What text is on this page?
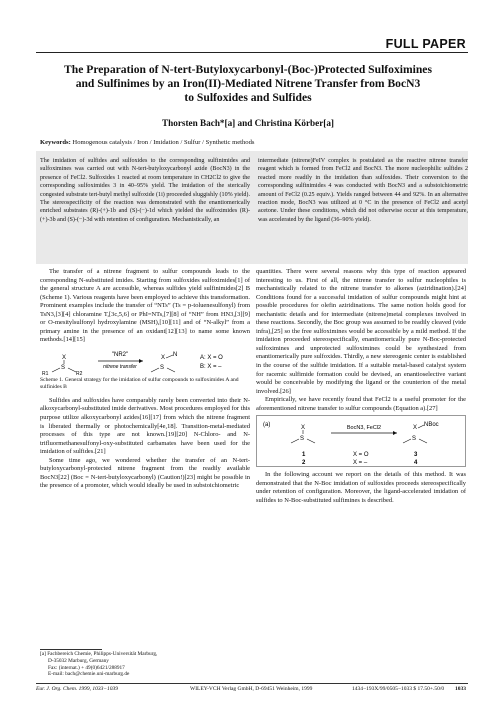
FULL PAPER
The Preparation of N-tert-Butyloxycarbonyl-(Boc-)Protected Sulfoximines
and Sulfinimes by an Iron(II)-Mediated Nitrene Transfer from BocN3
to Sulfoxides and Sulfides
Thorsten Bach*[a] and Christina Körber[a]
Keywords: Homogenous catalysis / Iron / Imidation / Sulfur / Synthetic methods
The imidation of sulfides and sulfoxides to the corresponding sulfinimides and sulfoximines was carried out with N-tert-butyloxycarbonyl azide (BocN3) in the presence of FeCl2. Sulfoxides 1 reacted at room temperature in CH2Cl2 to give the corresponding sulfoximides 3 in 40–95% yield. The imidation of the sterically congested substrate tert-butyl methyl sulfoxide (1i) proceeded sluggishly (10% yield). The stereospecificity of the reaction was demonstrated with the enantiomerically enriched substrates (R)-(+)-1b and (S)-(−)-1d which yielded the sulfoximides (R)-(+)-3b and (S)-(−)-3d with retention of configuration. Mechanistically, an
intermediate (nitrene)FeIV complex is postulated as the reactive nitrene transfer reagent which is formed from FeCl2 and BocN3. The more nucleophilic sulfides 2 reacted more readily in the imidation than sulfoxides. Their conversion to the corresponding sulfinimides 4 was conducted with BocN3 and a substoichiometric amount of FeCl2 (0.25 equiv.). Yields ranged between 44 and 92%. In an alternative reaction mode, BocN3 was utilized at 0 °C in the presence of FeCl2 and acetyl acetone. Under these conditions, which did not otherwise occur at this temperature, was accelerated by the ligand (36–90% yield).

The transfer of a nitrene fragment to sulfur compounds leads to the corresponding N-substituted imides. Starting from sulfoxides sulfoximides[1] of the general structure A are accessible, whereas sulfides yield sulfinimides[2] B (Scheme 1). Various reagents have been employed to achieve this transformation. Prominent examples include the transfer of “NTs” (Ts = p-toluenesulfonyl) from TsN3,[3][4] chloramine T,[3c,5,6] or PhI=NTs,[7][8] of “NH” from HN3,[3][9] or O-mesitylsulfonyl hydroxylamine (MSH),[10][11] and of “N-alkyl” from a primary amine in the presence of an oxidant[12][13] to name some known methods.[14][15]

X
S
R1	R2
"NR2"
nitrene transfer
X N
S
A: X = O
B: X = –

Scheme 1. General strategy for the imidation of sulfur compounds to sulfoximides A and sulfinides B

Sulfides and sulfoxides have comparably rarely been converted into their N-alkoxycarbonyl-substituted imide derivatives. Most procedures employed for this purpose utilize alkoxycarbonyl azides[16][17] from which the nitrene fragment is liberated thermally or photochemically[4e,18]. Transition-metal-mediated processes of this type are not known.[19][20] N-Chloro- and N-trifluormethanesulfonyl-oxy-substituted carbamates have been used for the imidation of sulfides.[21]

Some time ago, we wondered whether the transfer of an N-tert-butyloxycarbonyl-protected nitrene fragment from the readily available BocN3[22] (Boc = N-tert-butyloxycarbonyl) (Caution!)[23] might be possible in the presence of a promoter, which would ideally be used in substoichiometric

quantities. There were several reasons why this type of reaction appeared interesting to us. First of all, the nitrene transfer to sulfur nucleophiles is mechanistically related to the nitrene transfer to alkenes (aziridination).[24] Conditions found for a successful imidation of sulfur compounds might hint at possible procedures for olefin aziridinations. The same notion holds good for mechanistic details and for intermediate (nitrene)metal complexes involved in these reactions. Secondly, the Boc group was assumed to be readily cleaved (vide infra),[25] so the free sulfoximines would be accessible by a mild method. If the imidation proceeded stereospecifically, enantiomerically pure N-Boc-protected sulfoximines and unprotected sulfoximines could be synthesized from enantiomerically pure sulfoxides. Thirdly, a new stereogenic center is established in the course of the sulfide imidation. If a suitable metal-based catalyst system for racemic sulfimide formation could be devised, an enantioselective variant would be conceivable by modifying the ligand or the counterion of the metal involved.[26]

Empirically, we have recently found that FeCl2 is a useful promoter for the aforementioned nitrene transfer to sulfur compounds (Equation a).[27]

(a)	X
S
BocN3, FeCl2	X NBoc
S
1
2
X = O
X = –
3
4

In the following account we report on the details of this method. It was demonstrated that the N-Boc imidation of sulfoxides proceeds stereospecifically under retention of configuration. Moreover, the ligand-accelerated imidation of sulfides to N-Boc-substituted sulfimines is described.

[a] Fachbereich Chemie, Philipps-Universität Marburg,
D-35032 Marburg, Germany
Fax: (internat.) + 49(0)6421/288917
E-mail: bach@chemie.uni-marburg.de
Eur. J. Org. Chem. 1999, 1033−1039	WILEY-VCH Verlag GmbH, D-69451 Weinheim, 1999	1434−193X/99/0505−1033 $ 17.50+.50/0 1033
